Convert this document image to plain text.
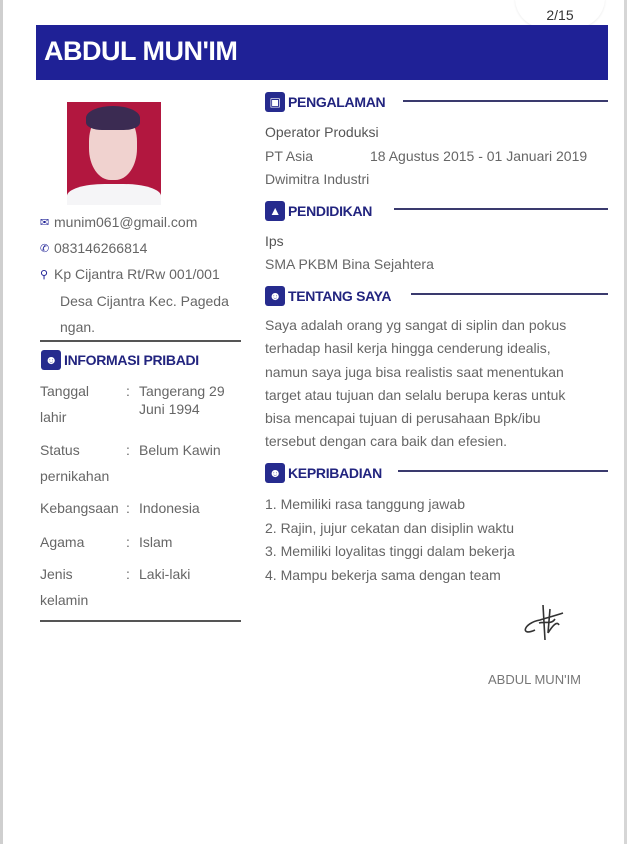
2/15
ABDUL MUN'IM
✉ munim061@gmail.com
✆ 083146266814
⚲ Kp Cijantra Rt/Rw 001/001
Desa Cijantra Kec. Pageda
ngan.
☻ INFORMASI PRIBADI
Tanggal
lahir
: Tangerang 29
Juni 1994
Status
pernikahan
: Belum Kawin
Kebangsaan : Indonesia
Agama	: Islam
Jenis
kelamin
: Laki-laki
▣ PENGALAMAN
Operator Produksi
PT Asia	18 Agustus 2015 - 01 Januari 2019
Dwimitra Industri
▲ PENDIDIKAN
Ips
SMA PKBM Bina Sejahtera
☻ TENTANG SAYA
Saya adalah orang yg sangat di siplin dan pokus
terhadap hasil kerja hingga cenderung idealis,
namun saya juga bisa realistis saat menentukan
target atau tujuan dan selalu berupa keras untuk
bisa mencapai tujuan di perusahaan Bpk/ibu
tersebut dengan cara baik dan efesien.
☻ KEPRIBADIAN
1. Memiliki rasa tanggung jawab
2. Rajin, jujur cekatan dan disiplin waktu
3. Memiliki loyalitas tinggi dalam bekerja
4. Mampu bekerja sama dengan team
ABDUL MUN'IM
